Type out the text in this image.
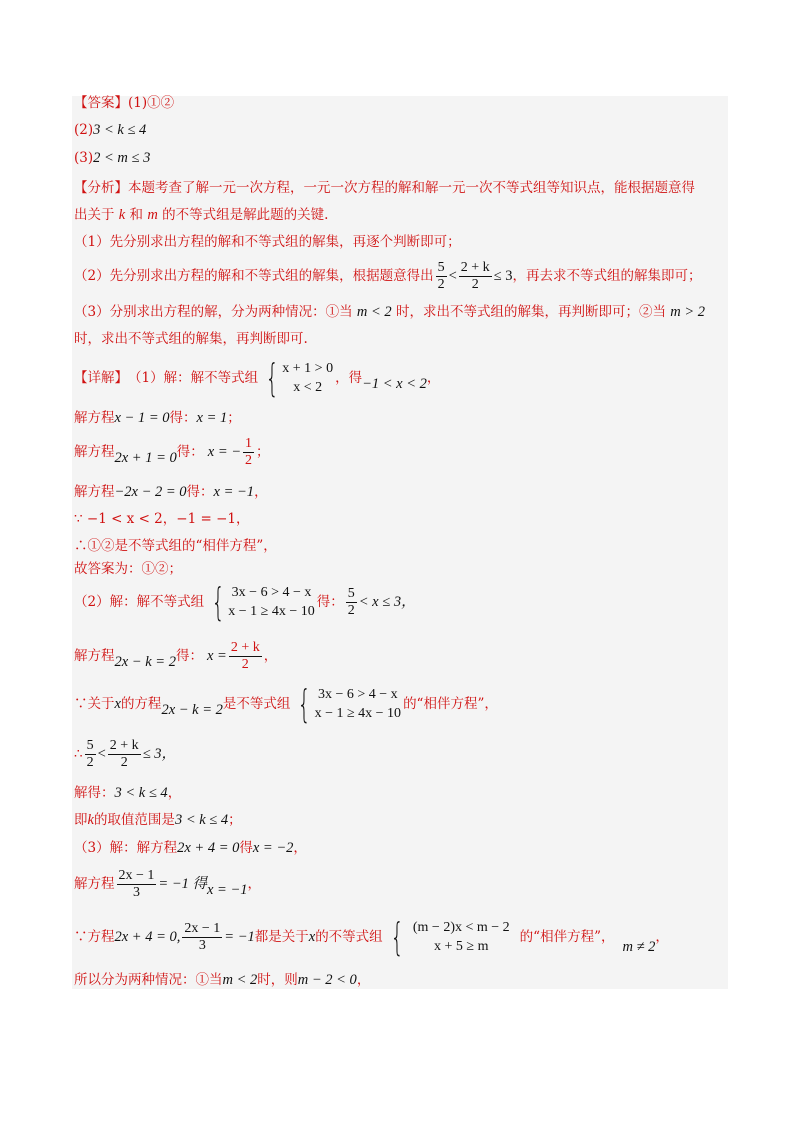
【答案】(1)①②
(2)3 < k ≤ 4
(3)2 < m ≤ 3
【分析】本题考查了解一元一次方程，一元一次方程的解和解一元一次不等式组等知识点，能根据题意得
出关于 k 和 m 的不等式组是解此题的关键.
（1）先分别求出方程的解和不等式组的解集，再逐个判断即可；
（2）先分别求出方程的解和不等式组的解集，根据题意得出 $\frac{5}{2} < \frac{2 + k}{2} \le 3$ ，再去求不等式组的解集即可；
（3）分别求出方程的解，分为两种情况：①当 m < 2 时，求出不等式组的解集，再判断即可；②当 m > 2
时，求出不等式组的解集，再判断即可.
【详解】 （1）解：解不等式组 { x + 1 > 0
x < 2
，得 −1 < x < 2 ，
解方程x − 1 = 0得：x = 1；
解方程 2x + 1 = 0 得： x = − $\frac{1}{2}$ ；
解方程−2x − 2 = 0得：x = −1，
∵ −1 < x < 2，−1 = −1，
∴①②是不等式组的“相伴方程”，
故答案为：①②；
（2）解：解不等式组 { 3x − 6 > 4 − x
x − 1 ≥ 4x − 10
得： $\frac{5}{2} < x \le 3$，
解方程 2x − k = 2 得： $x = \frac{2 + k}{2}$ ，
∵关于 x 的方程 2x − k = 2 是不等式组 { 3x − 6 > 4 − x
x − 1 ≥ 4x − 10
的“相伴方程”，
∴ $\frac{5}{2} < \frac{2 + k}{2} \le 3$，
解得：3 < k ≤ 4，
即k的取值范围是3 < k ≤ 4；
（3）解：解方程2x + 4 = 0得x = −2，
解方程 $\frac{2x - 1}{3} = -1$ 得 x = −1 ，
∵方程 2x + 4 = 0, $\frac{2x - 1}{3} = -1$ 都是关于 x 的不等式组 { (m − 2)x < m − 2
x + 5 ≥ m
的“相伴方程”，
m ≠ 2
，
所以分为两种情况：①当m < 2时，则m − 2 < 0，
